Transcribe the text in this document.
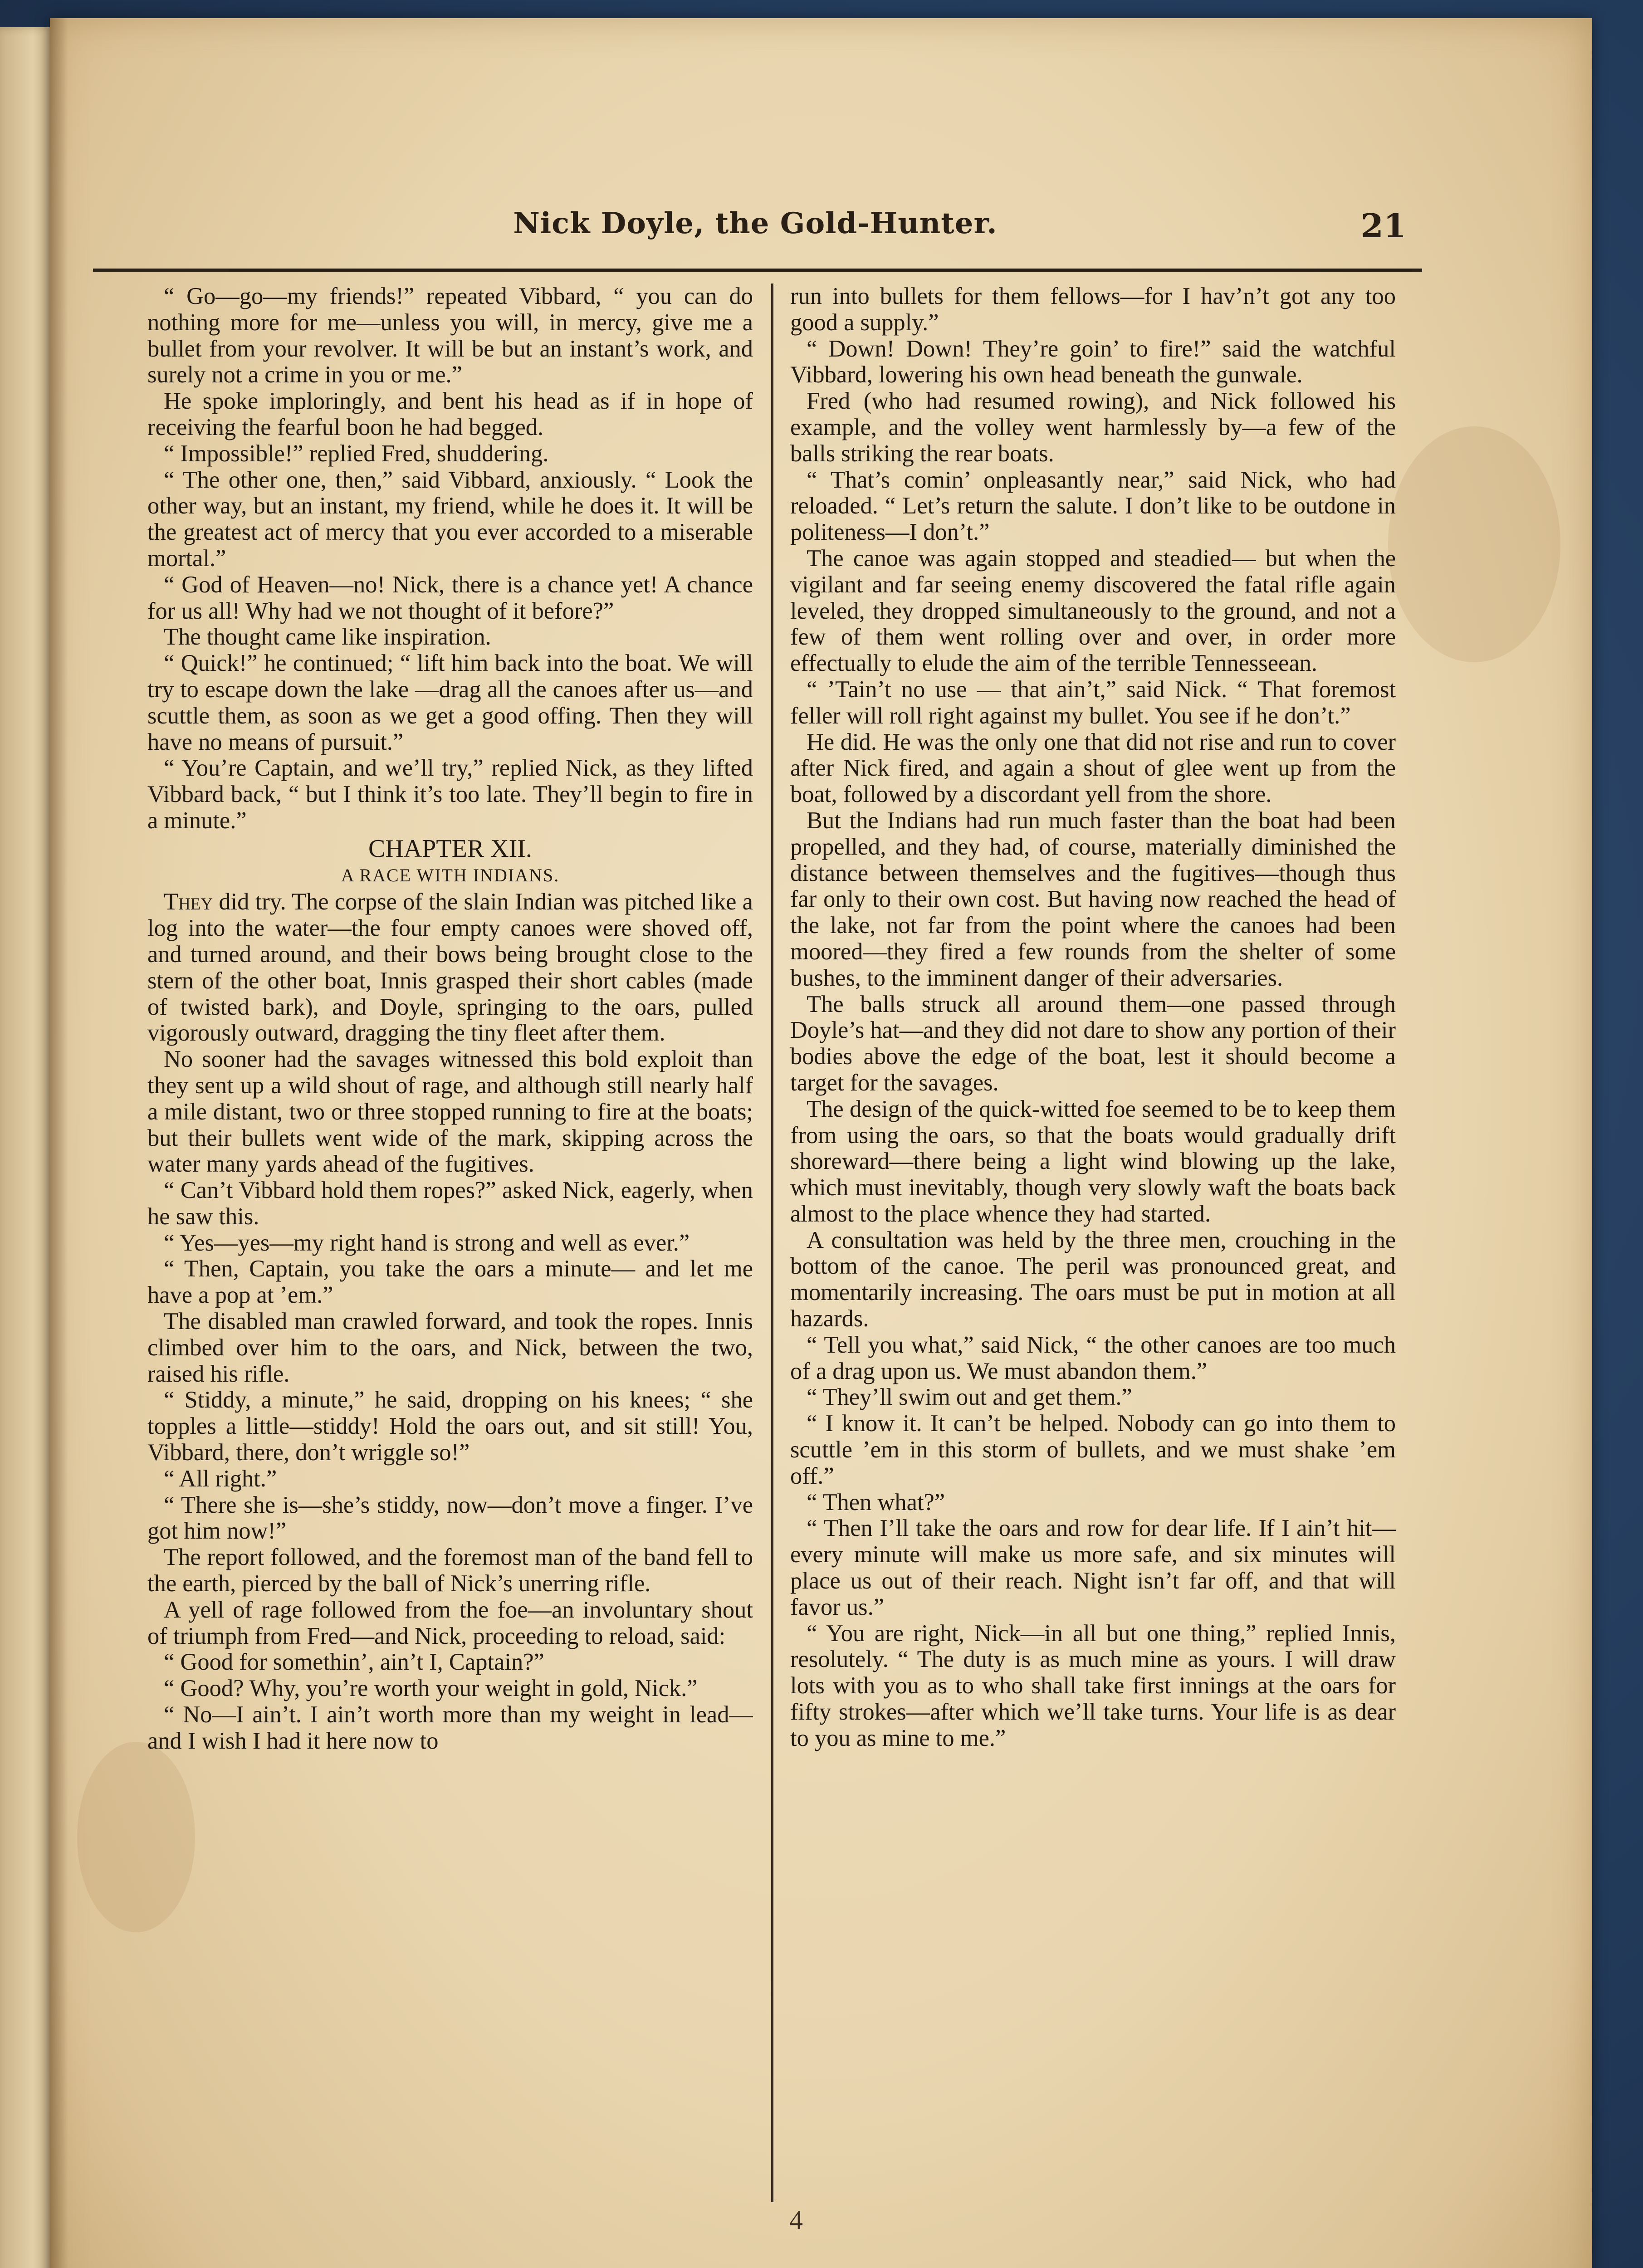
Nick Doyle, the Gold-Hunter.	21

“ Go—go—my friends!” repeated Vibbard, “ you can do nothing more for me—unless you will, in mercy, give me a bullet from your revolver. It will be but an instant’s work, and surely not a crime in you or me.”

He spoke imploringly, and bent his head as if in hope of receiving the fearful boon he had begged.

“ Impossible!” replied Fred, shuddering.

“ The other one, then,” said Vibbard, anxiously. “ Look the other way, but an instant, my friend, while he does it. It will be the greatest act of mercy that you ever accorded to a miserable mortal.”

“ God of Heaven—no! Nick, there is a chance yet! A chance for us all! Why had we not thought of it before?”

The thought came like inspiration.

“ Quick!” he continued; “ lift him back into the boat. We will try to escape down the lake —drag all the canoes after us—and scuttle them, as soon as we get a good offing. Then they will have no means of pursuit.”

“ You’re Captain, and we’ll try,” replied Nick, as they lifted Vibbard back, “ but I think it’s too late. They’ll begin to fire in a minute.”

CHAPTER XII.
A RACE WITH INDIANS.

They did try. The corpse of the slain Indian was pitched like a log into the water—the four empty canoes were shoved off, and turned around, and their bows being brought close to the stern of the other boat, Innis grasped their short cables (made of twisted bark), and Doyle, springing to the oars, pulled vigorously outward, dragging the tiny fleet after them.

No sooner had the savages witnessed this bold exploit than they sent up a wild shout of rage, and although still nearly half a mile distant, two or three stopped running to fire at the boats; but their bullets went wide of the mark, skipping across the water many yards ahead of the fugitives.

“ Can’t Vibbard hold them ropes?” asked Nick, eagerly, when he saw this.

“ Yes—yes—my right hand is strong and well as ever.”

“ Then, Captain, you take the oars a minute— and let me have a pop at ’em.”

The disabled man crawled forward, and took the ropes. Innis climbed over him to the oars, and Nick, between the two, raised his rifle.

“ Stiddy, a minute,” he said, dropping on his knees; “ she topples a little—stiddy! Hold the oars out, and sit still! You, Vibbard, there, don’t wriggle so!”

“ All right.”

“ There she is—she’s stiddy, now—don’t move a finger. I’ve got him now!”

The report followed, and the foremost man of the band fell to the earth, pierced by the ball of Nick’s unerring rifle.

A yell of rage followed from the foe—an involuntary shout of triumph from Fred—and Nick, proceeding to reload, said:

“ Good for somethin’, ain’t I, Captain?”

“ Good? Why, you’re worth your weight in gold, Nick.”

“ No—I ain’t. I ain’t worth more than my weight in lead—and I wish I had it here now to

run into bullets for them fellows—for I hav’n’t got any too good a supply.”

“ Down! Down! They’re goin’ to fire!” said the watchful Vibbard, lowering his own head beneath the gunwale.

Fred (who had resumed rowing), and Nick followed his example, and the volley went harmlessly by—a few of the balls striking the rear boats.

“ That’s comin’ onpleasantly near,” said Nick, who had reloaded. “ Let’s return the salute. I don’t like to be outdone in politeness—I don’t.”

The canoe was again stopped and steadied— but when the vigilant and far seeing enemy discovered the fatal rifle again leveled, they dropped simultaneously to the ground, and not a few of them went rolling over and over, in order more effectually to elude the aim of the terrible Tennesseean.

“ ’Tain’t no use — that ain’t,” said Nick. “ That foremost feller will roll right against my bullet. You see if he don’t.”

He did. He was the only one that did not rise and run to cover after Nick fired, and again a shout of glee went up from the boat, followed by a discordant yell from the shore.

But the Indians had run much faster than the boat had been propelled, and they had, of course, materially diminished the distance between themselves and the fugitives—though thus far only to their own cost. But having now reached the head of the lake, not far from the point where the canoes had been moored—they fired a few rounds from the shelter of some bushes, to the imminent danger of their adversaries.

The balls struck all around them—one passed through Doyle’s hat—and they did not dare to show any portion of their bodies above the edge of the boat, lest it should become a target for the savages.

The design of the quick-witted foe seemed to be to keep them from using the oars, so that the boats would gradually drift shoreward—there being a light wind blowing up the lake, which must inevitably, though very slowly waft the boats back almost to the place whence they had started.

A consultation was held by the three men, crouching in the bottom of the canoe. The peril was pronounced great, and momentarily increasing. The oars must be put in motion at all hazards.

“ Tell you what,” said Nick, “ the other canoes are too much of a drag upon us. We must abandon them.”

“ They’ll swim out and get them.”

“ I know it. It can’t be helped. Nobody can go into them to scuttle ’em in this storm of bullets, and we must shake ’em off.”

“ Then what?”

“ Then I’ll take the oars and row for dear life. If I ain’t hit—every minute will make us more safe, and six minutes will place us out of their reach. Night isn’t far off, and that will favor us.”

“ You are right, Nick—in all but one thing,” replied Innis, resolutely. “ The duty is as much mine as yours. I will draw lots with you as to who shall take first innings at the oars for fifty strokes—after which we’ll take turns. Your life is as dear to you as mine to me.”

4
